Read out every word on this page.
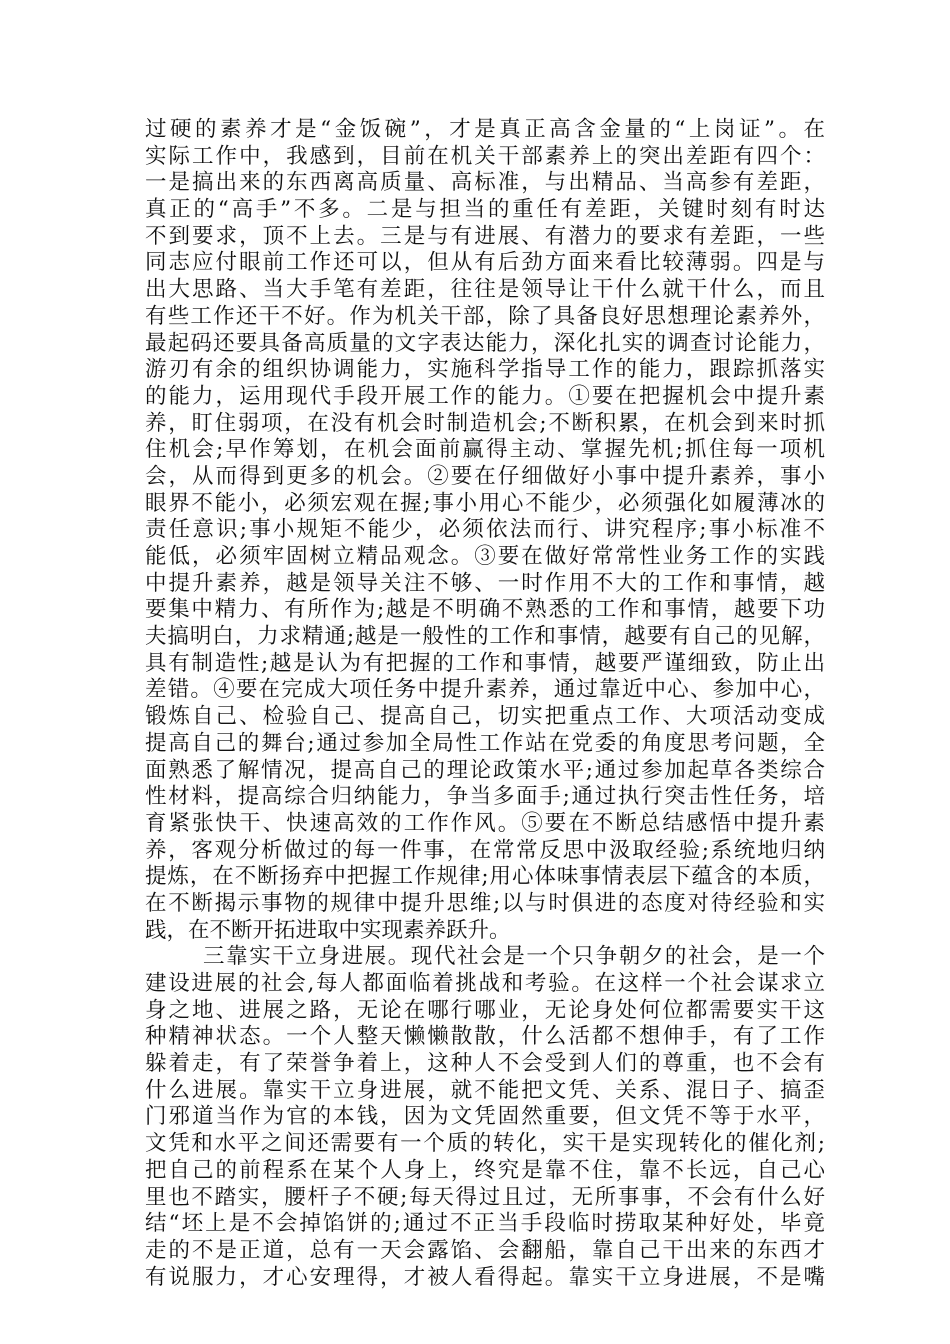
过硬的素养才是“金饭碗”，才是真正高含金量的“上岗证”。在
实际工作中，我感到，目前在机关干部素养上的突出差距有四个：
一是搞出来的东西离高质量、高标准，与出精品、当高参有差距，
真正的“高手”不多。二是与担当的重任有差距，关键时刻有时达
不到要求，顶不上去。三是与有进展、有潜力的要求有差距，一些
同志应付眼前工作还可以，但从有后劲方面来看比较薄弱。四是与
出大思路、当大手笔有差距，往往是领导让干什么就干什么，而且
有些工作还干不好。作为机关干部，除了具备良好思想理论素养外，
最起码还要具备高质量的文字表达能力，深化扎实的调查讨论能力，
游刃有余的组织协调能力，实施科学指导工作的能力，跟踪抓落实
的能力，运用现代手段开展工作的能力。①要在把握机会中提升素
养，盯住弱项，在没有机会时制造机会;不断积累，在机会到来时抓
住机会;早作筹划，在机会面前赢得主动、掌握先机;抓住每一项机
会，从而得到更多的机会。②要在仔细做好小事中提升素养，事小
眼界不能小，必须宏观在握;事小用心不能少，必须强化如履薄冰的
责任意识;事小规矩不能少，必须依法而行、讲究程序;事小标准不
能低，必须牢固树立精品观念。③要在做好常常性业务工作的实践
中提升素养，越是领导关注不够、一时作用不大的工作和事情，越
要集中精力、有所作为;越是不明确不熟悉的工作和事情，越要下功
夫搞明白，力求精通;越是一般性的工作和事情，越要有自己的见解，
具有制造性;越是认为有把握的工作和事情，越要严谨细致，防止出
差错。④要在完成大项任务中提升素养，通过靠近中心、参加中心，
锻炼自己、检验自己、提高自己，切实把重点工作、大项活动变成
提高自己的舞台;通过参加全局性工作站在党委的角度思考问题，全
面熟悉了解情况，提高自己的理论政策水平;通过参加起草各类综合
性材料，提高综合归纳能力，争当多面手;通过执行突击性任务，培
育紧张快干、快速高效的工作作风。⑤要在不断总结感悟中提升素
养，客观分析做过的每一件事，在常常反思中汲取经验;系统地归纳
提炼，在不断扬弃中把握工作规律;用心体味事情表层下蕴含的本质，
在不断揭示事物的规律中提升思维;以与时俱进的态度对待经验和实
践，在不断开拓进取中实现素养跃升。
三靠实干立身进展。现代社会是一个只争朝夕的社会，是一个
建设进展的社会,每人都面临着挑战和考验。在这样一个社会谋求立
身之地、进展之路，无论在哪行哪业，无论身处何位都需要实干这
种精神状态。一个人整天懒懒散散，什么活都不想伸手，有了工作
躲着走，有了荣誉争着上，这种人不会受到人们的尊重，也不会有
什么进展。靠实干立身进展，就不能把文凭、关系、混日子、搞歪
门邪道当作为官的本钱，因为文凭固然重要，但文凭不等于水平，
文凭和水平之间还需要有一个质的转化，实干是实现转化的催化剂;
把自己的前程系在某个人身上，终究是靠不住，靠不长远，自己心
里也不踏实，腰杆子不硬;每天得过且过，无所事事，不会有什么好
结“坯上是不会掉馅饼的;通过不正当手段临时捞取某种好处，毕竟
走的不是正道，总有一天会露馅、会翻船，靠自己干出来的东西才
有说服力，才心安理得，才被人看得起。靠实干立身进展，不是嘴
